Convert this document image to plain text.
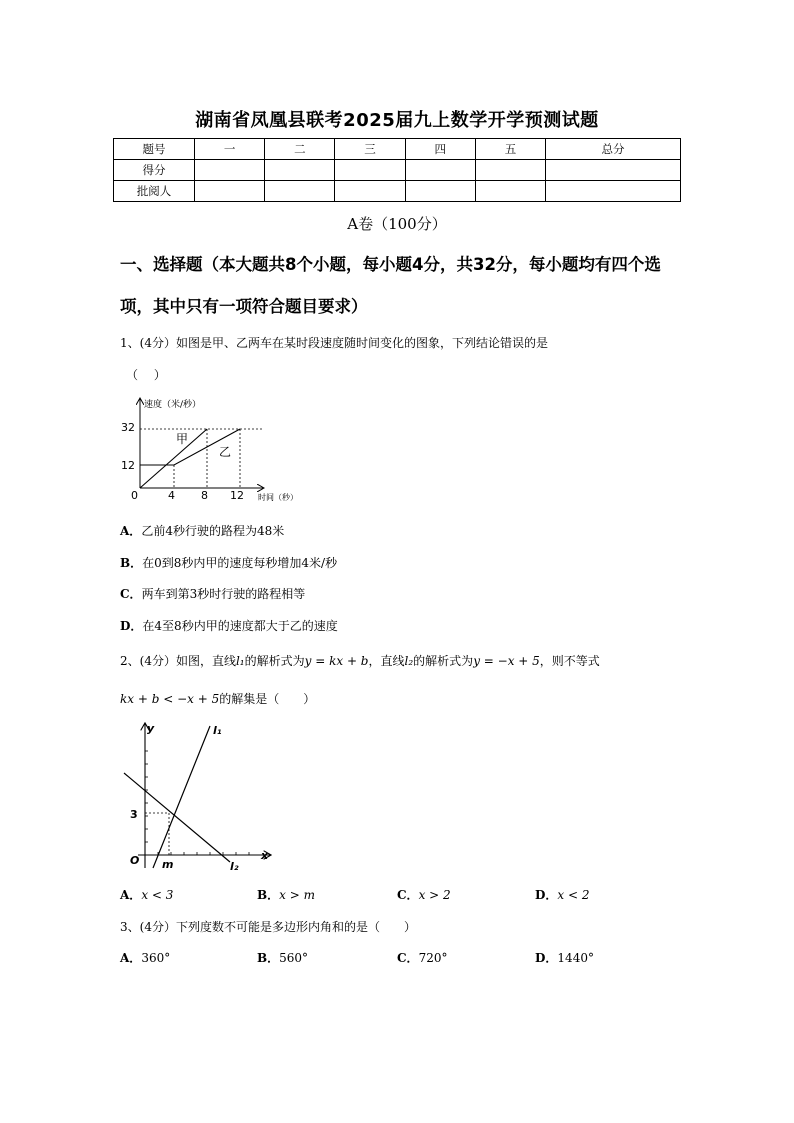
湖南省凤凰县联考2025届九上数学开学预测试题
题号	一	二	三	四	五	总分
得分						
批阅人						
A卷（100分）
一、选择题（本大题共8个小题，每小题4分，共32分，每小题均有四个选项，其中只有一项符合题目要求）
1、(4分）如图是甲、乙两车在某时段速度随时间变化的图象，下列结论错误的是
（　 ）
速度（米/秒）
时间（秒）
32
12
0	4 8 12
甲
乙
A．乙前4秒行驶的路程为48米
B．在0到8秒内甲的速度每秒增加4米/秒
C．两车到第3秒时行驶的路程相等
D．在4至8秒内甲的速度都大于乙的速度
2、(4分）如图，直线l₁的解析式为y = kx + b，直线l₂的解析式为y = −x + 5，则不等式
kx + b < −x + 5的解集是（　　）
y
x
O
3
m
l₁
l₂
A．x < 3	B．x > m	C．x > 2	D．x < 2
3、(4分）下列度数不可能是多边形内角和的是（　　）
A．360°	B．560°	C．720°	D．1440°
